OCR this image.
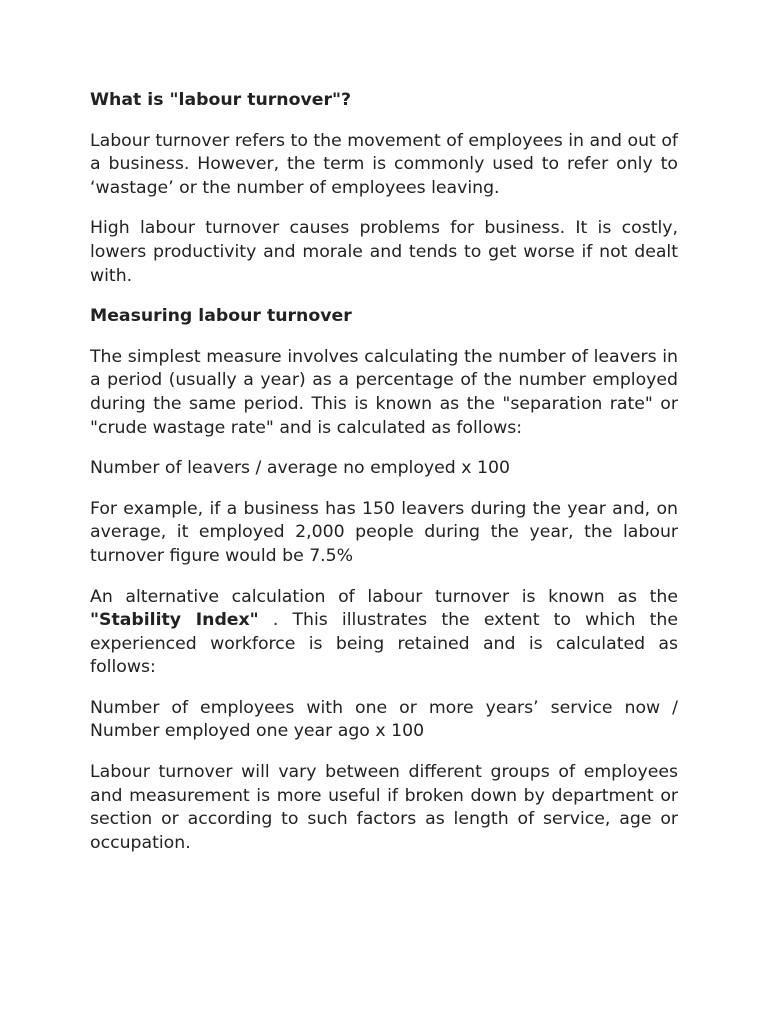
What is "labour turnover"?

Labour turnover refers to the movement of employees in and out of a business. However, the term is commonly used to refer only to ‘wastage’ or the number of employees leaving.

High labour turnover causes problems for business. It is costly, lowers productivity and morale and tends to get worse if not dealt with.

Measuring labour turnover

The simplest measure involves calculating the number of leavers in a period (usually a year) as a percentage of the number employed during the same period. This is known as the "separation rate" or "crude wastage rate" and is calculated as follows:

Number of leavers / average no employed x 100

For example, if a business has 150 leavers during the year and, on average, it employed 2,000 people during the year, the labour turnover figure would be 7.5%

An alternative calculation of labour turnover is known as the "Stability Index" . This illustrates the extent to which the experienced workforce is being retained and is calculated as follows:

Number of employees with one or more years’ service now / Number employed one year ago x 100

Labour turnover will vary between different groups of employees and measurement is more useful if broken down by department or section or according to such factors as length of service, age or occupation.
